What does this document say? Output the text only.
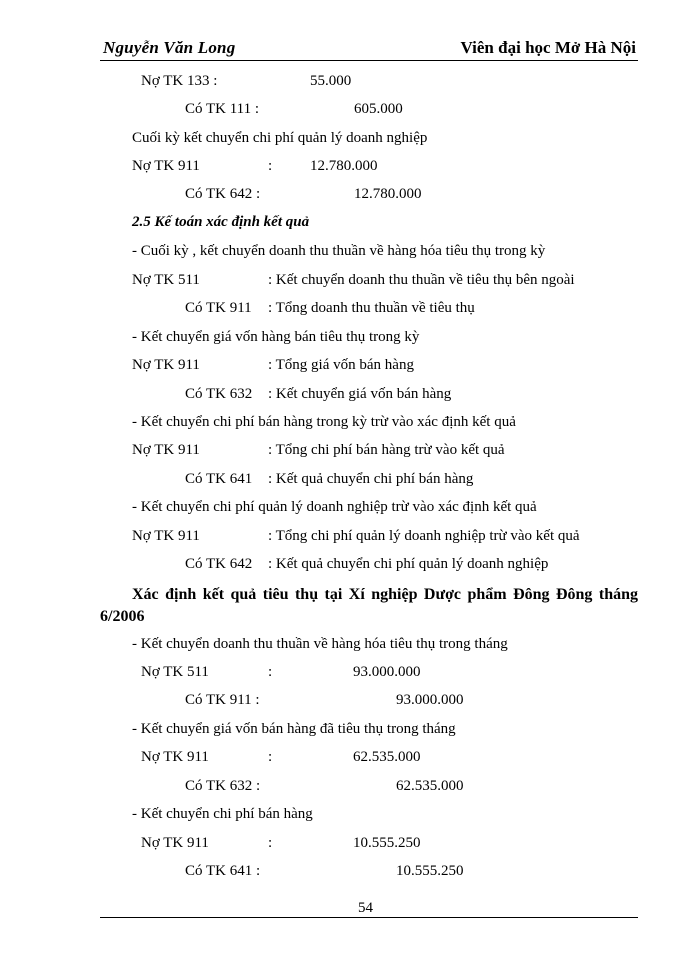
Nguyễn Văn Long	Viên đại học Mở Hà Nội
Nợ TK 133 :	55.000
Có TK 111 :	605.000
Cuối kỳ kết chuyển chi phí quản lý doanh nghiệp
Nợ TK 911	:	12.780.000
Có TK 642 :	12.780.000
2.5 Kế toán xác định kết quả
- Cuối kỳ , kết chuyển doanh thu thuần về hàng hóa tiêu thụ trong kỳ
Nợ TK 511	: Kết chuyển doanh thu thuần về tiêu thụ bên ngoài
Có TK 911 : Tổng doanh thu thuần về tiêu thụ
- Kết chuyển giá vốn hàng bán tiêu thụ trong kỳ
Nợ TK 911	: Tổng giá vốn bán hàng
Có TK 632 : Kết chuyển giá vốn bán hàng
- Kết chuyển chi phí bán hàng trong kỳ trừ vào xác định kết quả
Nợ TK 911	: Tổng chi phí bán hàng trừ vào kết quả
Có TK 641 : Kết quả chuyển chi phí bán hàng
- Kết chuyển chi phí quản lý doanh nghiệp trừ vào xác định kết quả
Nợ TK 911	: Tổng chi phí quản lý doanh nghiệp trừ vào kết quả
Có TK 642 : Kết quả chuyển chi phí quản lý doanh nghiệp
Xác định kết quả tiêu thụ tại Xí nghiệp Dược phẩm Đông Đông tháng 6/2006
- Kết chuyển doanh thu thuần về hàng hóa tiêu thụ trong tháng
Nợ TK 511	:	93.000.000
Có TK 911 :	93.000.000
- Kết chuyển giá vốn bán hàng đã tiêu thụ trong tháng
Nợ TK 911	:	62.535.000
Có TK 632 :	62.535.000
- Kết chuyển chi phí bán hàng
Nợ TK 911	:	10.555.250
Có TK 641 :	10.555.250
54
